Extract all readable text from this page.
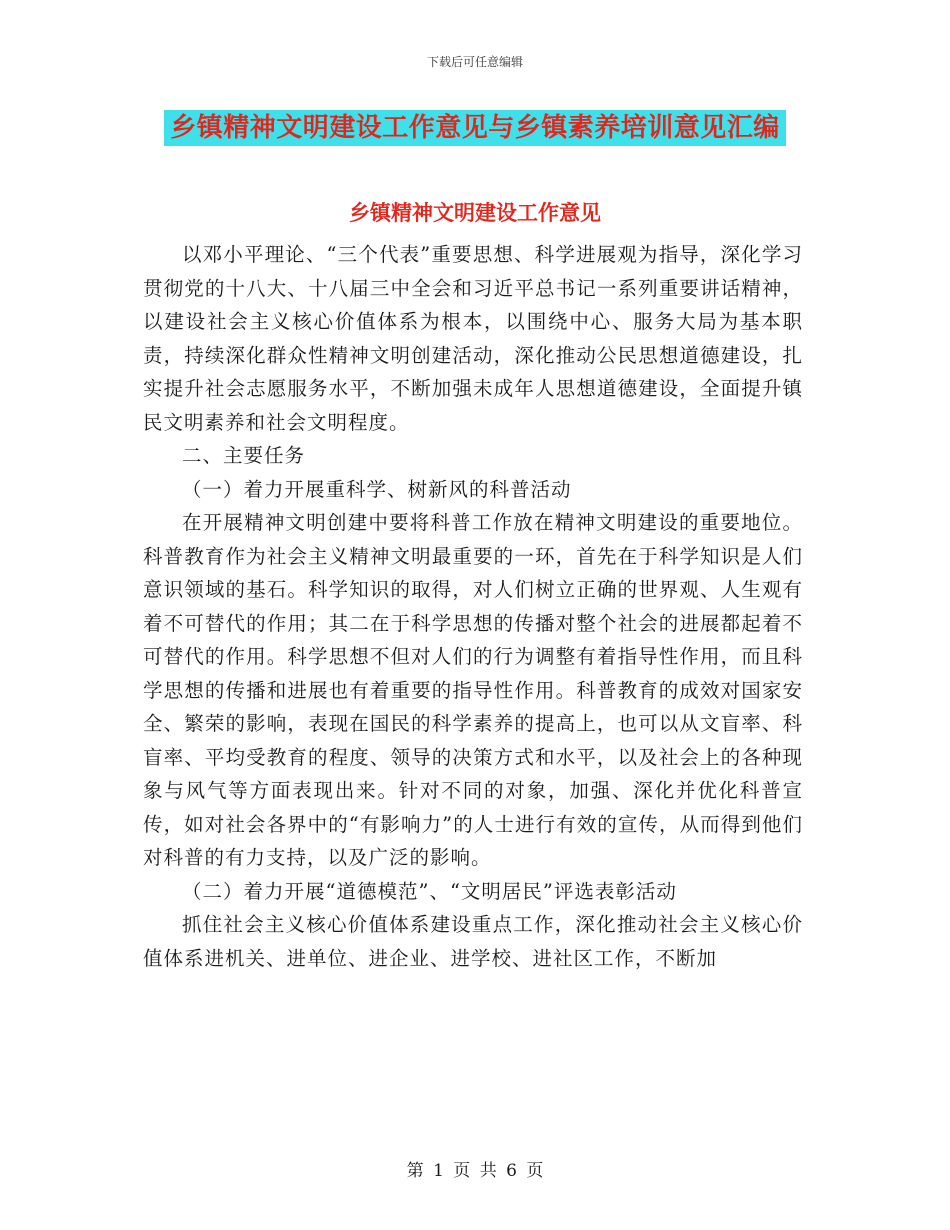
下载后可任意编辑
乡镇精神文明建设工作意见与乡镇素养培训意见汇编
乡镇精神文明建设工作意见

以邓小平理论、“三个代表”重要思想、科学进展观为指导，深化学习贯彻党的十八大、十八届三中全会和习近平总书记一系列重要讲话精神，以建设社会主义核心价值体系为根本，以围绕中心、服务大局为基本职责，持续深化群众性精神文明创建活动，深化推动公民思想道德建设，扎实提升社会志愿服务水平，不断加强未成年人思想道德建设，全面提升镇民文明素养和社会文明程度。

二、主要任务

（一）着力开展重科学、树新风的科普活动

在开展精神文明创建中要将科普工作放在精神文明建设的重要地位。科普教育作为社会主义精神文明最重要的一环，首先在于科学知识是人们意识领域的基石。科学知识的取得，对人们树立正确的世界观、人生观有着不可替代的作用；其二在于科学思想的传播对整个社会的进展都起着不可替代的作用。科学思想不但对人们的行为调整有着指导性作用，而且科学思想的传播和进展也有着重要的指导性作用。科普教育的成效对国家安全、繁荣的影响，表现在国民的科学素养的提高上，也可以从文盲率、科盲率、平均受教育的程度、领导的决策方式和水平，以及社会上的各种现象与风气等方面表现出来。针对不同的对象，加强、深化并优化科普宣传，如对社会各界中的“有影响力”的人士进行有效的宣传，从而得到他们对科普的有力支持，以及广泛的影响。

（二）着力开展“道德模范”、“文明居民”评选表彰活动

抓住社会主义核心价值体系建设重点工作，深化推动社会主义核心价值体系进机关、进单位、进企业、进学校、进社区工作，不断加

第 1 页 共 6 页
